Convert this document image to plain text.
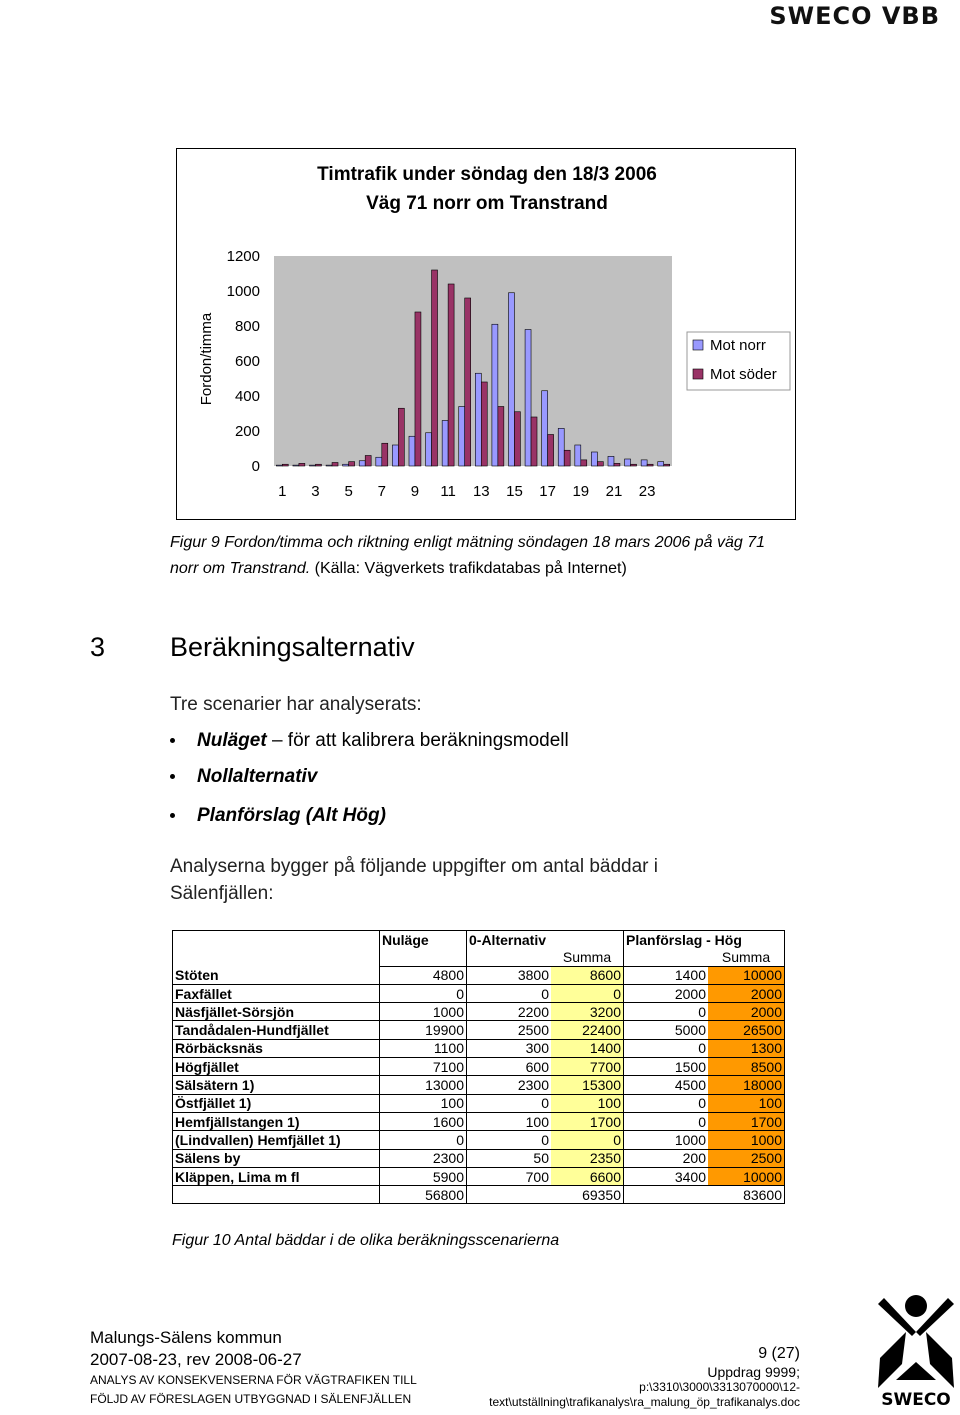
SWECO VBB
Timtrafik under söndag den 18/3 2006
Väg 71 norr om Transtrand
Fordon/timma
0
200
400
600
800
1000
1200
1 3 5 7 9 11 13 15 17 19 21 23
Mot norr
Mot söder
Figur 9 Fordon/timma och riktning enligt mätning söndagen 18 mars 2006 på väg 71
norr om Transtrand. (Källa: Vägverkets trafikdatabas på Internet)
3 Beräkningsalternativ
Tre scenarier har analyserats:
Nuläget – för att kalibrera beräkningsmodell
Nollalternativ
Planförslag (Alt Hög)
Analyserna bygger på följande uppgifter om antal bäddar i
Sälenfjällen:
	Nuläge	0-Alternativ		Planförslag - Hög	
			Summa		Summa
Stöten	4800	3800	8600	1400	10000
Faxfället	0	0	0	2000	2000
Näsfjället-Sörsjön	1000	2200	3200	0	2000
Tandådalen-Hundfjället	19900	2500	22400	5000	26500
Rörbäcksnäs	1100	300	1400	0	1300
Högfjället	7100	600	7700	1500	8500
Sälsätern 1)	13000	2300	15300	4500	18000
Östfjället 1)	100	0	100	0	100
Hemfjällstangen 1)	1600	100	1700	0	1700
(Lindvallen) Hemfjället 1)	0	0	0	1000	1000
Sälens by	2300	50	2350	200	2500
Kläppen, Lima m fl	5900	700	6600	3400	10000
	56800		69350		83600
Figur 10 Antal bäddar i de olika beräkningsscenarierna
Malungs-Sälens kommun
2007-08-23, rev 2008-06-27
ANALYS AV KONSEKVENSERNA FÖR VÄGTRAFIKEN TILL
FÖLJD AV FÖRESLAGEN UTBYGGNAD I SÄLENFJÄLLEN
9 (27)
Uppdrag 9999;
p:\3310\3000\3313070000\12-
text\utställning\trafikanalys\ra_malung_öp_trafikanalys.doc	SWECO
